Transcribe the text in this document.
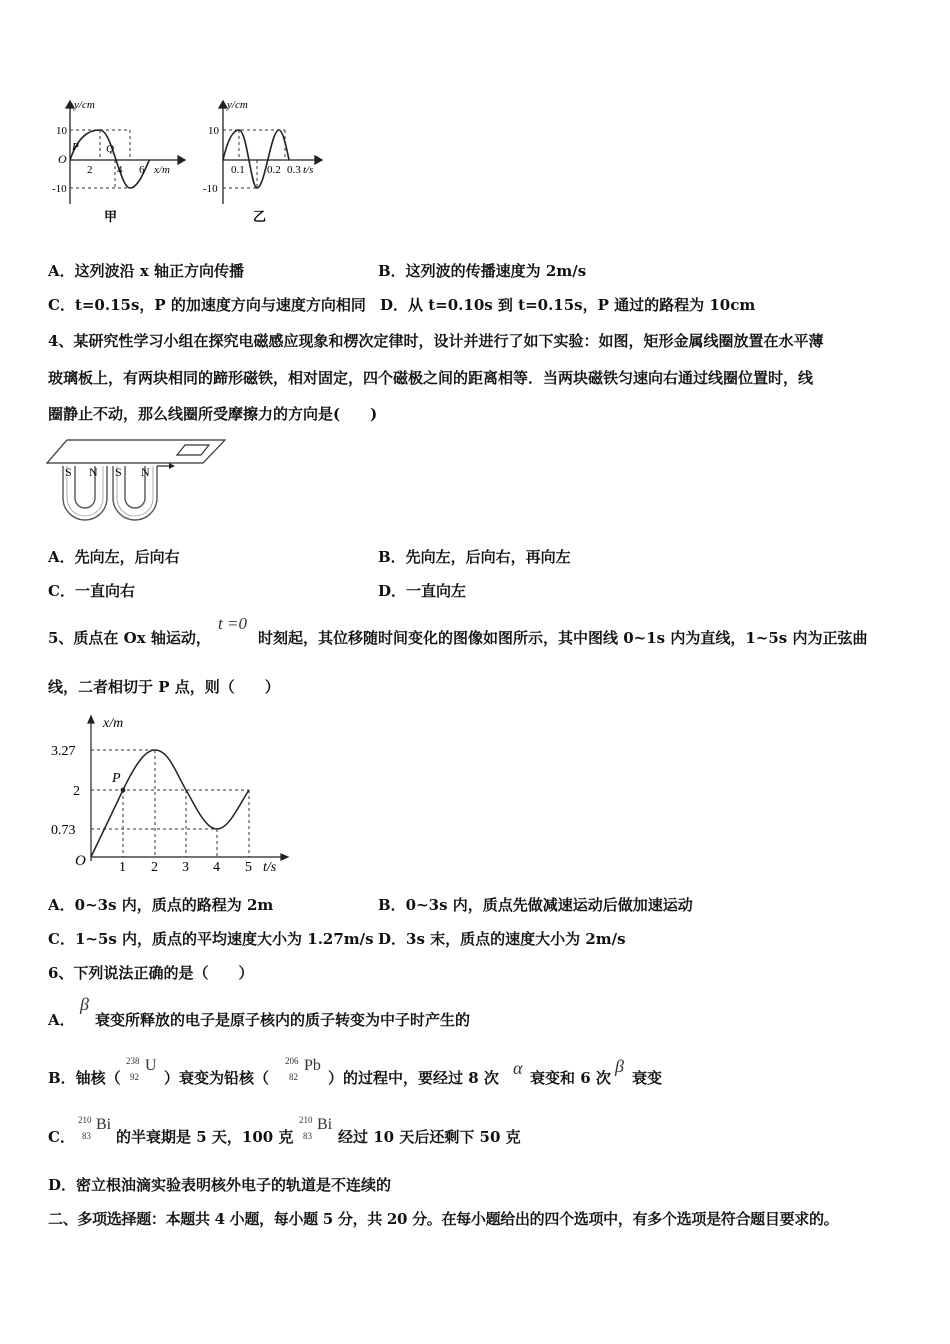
y/cm
x/m
O
10
-10
2 4 6
P Q
甲
y/cm
t/s
10
-10
0.1 0.2 0.3
乙
A．这列波沿 x 轴正方向传播	B．这列波的传播速度为 2m/s
C．t=0.15s，P 的加速度方向与速度方向相同 D．从 t=0.10s 到 t=0.15s，P 通过的路程为 10cm
4、某研究性学习小组在探究电磁感应现象和楞次定律时，设计并进行了如下实验：如图，矩形金属线圈放置在水平薄
玻璃板上，有两块相同的蹄形磁铁，相对固定，四个磁极之间的距离相等．当两块磁铁匀速向右通过线圈位置时，线
圈静止不动，那么线圈所受摩擦力的方向是(　　)
S N S N
A．先向左，后向右	B．先向左，后向右，再向左
C．一直向右	D．一直向左
5、质点在 Ox 轴运动，
t =0
时刻起，其位移随时间变化的图像如图所示，其中图线 0~1s 内为直线，1~5s 内为正弦曲
线，二者相切于 P 点，则（　　）
x/m
t/s
O
3.27
2
0.73
1 2 3 4 5
P
A．0~3s 内，质点的路程为 2m	B．0~3s 内，质点先做减速运动后做加速运动
C．1~5s 内，质点的平均速度大小为 1.27m/s D．3s 末，质点的速度大小为 2m/s
6、下列说法正确的是（　　）
A．
β
衰变所释放的电子是原子核内的质子转变为中子时产生的
B．铀核（
238
92
U
）衰变为铅核（
206
82
Pb
）的过程中，要经过 8 次 α 衰变和 6 次
β
衰变
C．
210
83
Bi
的半衰期是 5 天，100 克
210
83
Bi
经过 10 天后还剩下 50 克
D．密立根油滴实验表明核外电子的轨道是不连续的
二、多项选择题：本题共 4 小题，每小题 5 分，共 20 分。在每小题给出的四个选项中，有多个选项是符合题目要求的。
